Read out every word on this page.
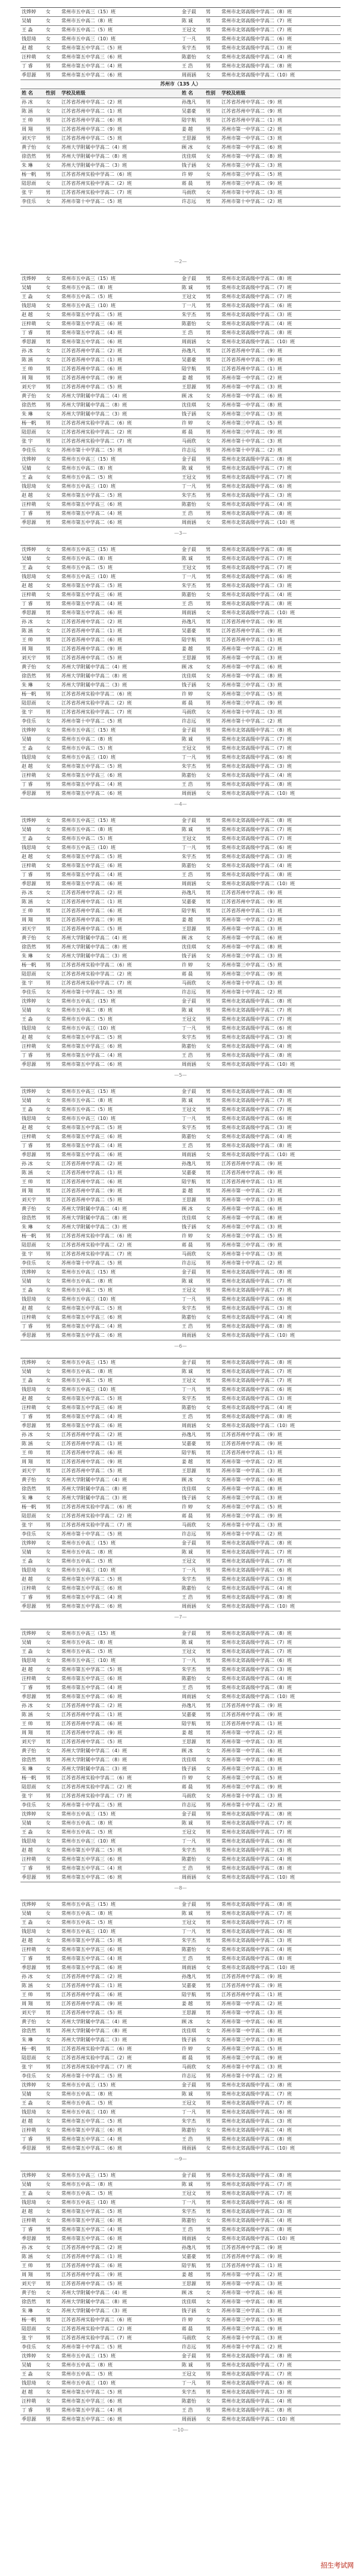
沈烨婷 女 常州市五中高三（15）班	金子晨 男 常州市北郊高级中学高二（8）班
吴婧	女 常州市五中高二（8）班	陈 诚	男 常州市北郊高级中学高二（7）班
王 淼	女 常州市五中高二（5）班	王冠文 男 常州市北郊高级中学高二（7）班
钱思琦 女 常州市五中高三（10）班	丁一凡 男 常州市北郊高级中学高二（6）班
赵 越	女 常州市第五中学高二（5）班	朱宇杰 男 常州市北郊高级中学高二（3）班
汪梓萌 女 常州市第五中学高三（6）班	陈嘉怡 女 常州市北郊高级中学高二（4）班
丁 睿	男 常州市第五中学高二（4）班	王 浩	男 常州市北郊高级中学高二（8）班
季思源 男 常州市第五中学高二（6）班	周雨涵 女 常州市北郊高级中学高二（10）班
苏州市（135 人）
姓 名	性别 学校及班级	姓 名	性别 学校及班级
孙 冰	女 江苏省苏州中学高二（2）班	孙逸凡 男 江苏省苏州中学高二（9）班
陈 涵	女 江苏省苏州中学高二（1）班	吴嘉豪 男 江苏省苏州中学高二（9）班
王 帅	男 江苏省苏州中学高二（6）班	陆宇航 男 江苏省苏州中学高二（1）班
周 翔	男 江苏省苏州中学高二（9）班	姜 越	男 苏州市第一中学高二（2）班
刘天宇 男 江苏省苏州中学高二（5）班	王思源 男 苏州市第一中学高二（3）班
黄子怡 女 苏州大学附属中学高二（4）班	顾 冰	女 苏州市第一中学高二（6）班
徐浩然 男 苏州大学附属中学高二（8）班	沈佳琪 女 苏州市第一中学高二（8）班
朱 琳	女 苏州大学附属中学高二（3）班	钱子涵 女 苏州市第三中学高二（3）班
杨一帆 男 江苏省苏州实验中学高二（6）班	许 婷	女 苏州市第三中学高二（5）班
陆思雨 女 江苏省苏州实验中学高二（2）班	蒋 晨	男 苏州市第三中学高二（9）班
张 宇	男 江苏省苏州实验中学高二（7）班	马雨欣 女 苏州市第十中学高二（3）班
李佳乐 女 苏州市第十中学高二（5）班	许志远 男 苏州市第十中学高二（2）班
沈烨婷 女 常州市五中高三（15）班	金子晨 男 常州市北郊高级中学高二（8）班
吴婧	女 常州市五中高二（8）班	陈 诚	男 常州市北郊高级中学高二（7）班
王 淼	女 常州市五中高二（5）班	王冠文 男 常州市北郊高级中学高二（7）班
钱思琦 女 常州市五中高三（10）班	丁一凡 男 常州市北郊高级中学高二（6）班
赵 越	女 常州市第五中学高二（5）班	朱宇杰 男 常州市北郊高级中学高二（3）班
汪梓萌 女 常州市第五中学高三（6）班	陈嘉怡 女 常州市北郊高级中学高二（4）班
丁 睿	男 常州市第五中学高二（4）班	王 浩	男 常州市北郊高级中学高二（8）班
季思源 男 常州市第五中学高二（6）班	周雨涵 女 常州市北郊高级中学高二（10）班
孙 冰	女 江苏省苏州中学高二（2）班	孙逸凡 男 江苏省苏州中学高二（9）班
陈 涵	女 江苏省苏州中学高二（1）班	吴嘉豪 男 江苏省苏州中学高二（9）班
王 帅	男 江苏省苏州中学高二（6）班	陆宇航 男 江苏省苏州中学高二（1）班
周 翔	男 江苏省苏州中学高二（9）班	姜 越	男 苏州市第一中学高二（2）班
刘天宇 男 江苏省苏州中学高二（5）班	王思源 男 苏州市第一中学高二（3）班
黄子怡 女 苏州大学附属中学高二（4）班	顾 冰	女 苏州市第一中学高二（6）班
徐浩然 男 苏州大学附属中学高二（8）班	沈佳琪 女 苏州市第一中学高二（8）班
朱 琳	女 苏州大学附属中学高二（3）班	钱子涵 女 苏州市第三中学高二（3）班
杨一帆 男 江苏省苏州实验中学高二（6）班	许 婷	女 苏州市第三中学高二（5）班
陆思雨 女 江苏省苏州实验中学高二（2）班	蒋 晨	男 苏州市第三中学高二（9）班
张 宇	男 江苏省苏州实验中学高二（7）班	马雨欣 女 苏州市第十中学高二（3）班
李佳乐 女 苏州市第十中学高二（5）班	许志远 男 苏州市第十中学高二（2）班
沈烨婷 女 常州市五中高三（15）班	金子晨 男 常州市北郊高级中学高二（8）班
吴婧	女 常州市五中高二（8）班	陈 诚	男 常州市北郊高级中学高二（7）班
王 淼	女 常州市五中高二（5）班	王冠文 男 常州市北郊高级中学高二（7）班
钱思琦 女 常州市五中高三（10）班	丁一凡 男 常州市北郊高级中学高二（6）班
赵 越	女 常州市第五中学高二（5）班	朱宇杰 男 常州市北郊高级中学高二（3）班
汪梓萌 女 常州市第五中学高三（6）班	陈嘉怡 女 常州市北郊高级中学高二（4）班
丁 睿	男 常州市第五中学高二（4）班	王 浩	男 常州市北郊高级中学高二（8）班
季思源 男 常州市第五中学高二（6）班	周雨涵 女 常州市北郊高级中学高二（10）班
—3—
沈烨婷 女 常州市五中高三（15）班	金子晨 男 常州市北郊高级中学高二（8）班
吴婧	女 常州市五中高二（8）班	陈 诚	男 常州市北郊高级中学高二（7）班
王 淼	女 常州市五中高二（5）班	王冠文 男 常州市北郊高级中学高二（7）班
钱思琦 女 常州市五中高三（10）班	丁一凡 男 常州市北郊高级中学高二（6）班
赵 越	女 常州市第五中学高二（5）班	朱宇杰 男 常州市北郊高级中学高二（3）班
汪梓萌 女 常州市第五中学高三（6）班	陈嘉怡 女 常州市北郊高级中学高二（4）班
丁 睿	男 常州市第五中学高二（4）班	王 浩	男 常州市北郊高级中学高二（8）班
季思源 男 常州市第五中学高二（6）班	周雨涵 女 常州市北郊高级中学高二（10）班
孙 冰	女 江苏省苏州中学高二（2）班	孙逸凡 男 江苏省苏州中学高二（9）班
陈 涵	女 江苏省苏州中学高二（1）班	吴嘉豪 男 江苏省苏州中学高二（9）班
王 帅	男 江苏省苏州中学高二（6）班	陆宇航 男 江苏省苏州中学高二（1）班
周 翔	男 江苏省苏州中学高二（9）班	姜 越	男 苏州市第一中学高二（2）班
刘天宇 男 江苏省苏州中学高二（5）班	王思源 男 苏州市第一中学高二（3）班
黄子怡 女 苏州大学附属中学高二（4）班	顾 冰	女 苏州市第一中学高二（6）班
徐浩然 男 苏州大学附属中学高二（8）班	沈佳琪 女 苏州市第一中学高二（8）班
朱 琳	女 苏州大学附属中学高二（3）班	钱子涵 女 苏州市第三中学高二（3）班
杨一帆 男 江苏省苏州实验中学高二（6）班	许 婷	女 苏州市第三中学高二（5）班
陆思雨 女 江苏省苏州实验中学高二（2）班	蒋 晨	男 苏州市第三中学高二（9）班
张 宇	男 江苏省苏州实验中学高二（7）班	马雨欣 女 苏州市第十中学高二（3）班
李佳乐 女 苏州市第十中学高二（5）班	许志远 男 苏州市第十中学高二（2）班
沈烨婷 女 常州市五中高三（15）班	金子晨 男 常州市北郊高级中学高二（8）班
吴婧	女 常州市五中高二（8）班	陈 诚	男 常州市北郊高级中学高二（7）班
王 淼	女 常州市五中高二（5）班	王冠文 男 常州市北郊高级中学高二（7）班
钱思琦 女 常州市五中高三（10）班	丁一凡 男 常州市北郊高级中学高二（6）班
赵 越	女 常州市第五中学高二（5）班	朱宇杰 男 常州市北郊高级中学高二（3）班
汪梓萌 女 常州市第五中学高三（6）班	陈嘉怡 女 常州市北郊高级中学高二（4）班
丁 睿	男 常州市第五中学高二（4）班	王 浩	男 常州市北郊高级中学高二（8）班
季思源 男 常州市第五中学高二（6）班	周雨涵 女 常州市北郊高级中学高二（10）班
—4—
沈烨婷 女 常州市五中高三（15）班	金子晨 男 常州市北郊高级中学高二（8）班
吴婧	女 常州市五中高二（8）班	陈 诚	男 常州市北郊高级中学高二（7）班
王 淼	女 常州市五中高二（5）班	王冠文 男 常州市北郊高级中学高二（7）班
钱思琦 女 常州市五中高三（10）班	丁一凡 男 常州市北郊高级中学高二（6）班
赵 越	女 常州市第五中学高二（5）班	朱宇杰 男 常州市北郊高级中学高二（3）班
汪梓萌 女 常州市第五中学高三（6）班	陈嘉怡 女 常州市北郊高级中学高二（4）班
丁 睿	男 常州市第五中学高二（4）班	王 浩	男 常州市北郊高级中学高二（8）班
季思源 男 常州市第五中学高二（6）班	周雨涵 女 常州市北郊高级中学高二（10）班
孙 冰	女 江苏省苏州中学高二（2）班	孙逸凡 男 江苏省苏州中学高二（9）班
陈 涵	女 江苏省苏州中学高二（1）班	吴嘉豪 男 江苏省苏州中学高二（9）班
王 帅	男 江苏省苏州中学高二（6）班	陆宇航 男 江苏省苏州中学高二（1）班
周 翔	男 江苏省苏州中学高二（9）班	姜 越	男 苏州市第一中学高二（2）班
刘天宇 男 江苏省苏州中学高二（5）班	王思源 男 苏州市第一中学高二（3）班
黄子怡 女 苏州大学附属中学高二（4）班	顾 冰	女 苏州市第一中学高二（6）班
徐浩然 男 苏州大学附属中学高二（8）班	沈佳琪 女 苏州市第一中学高二（8）班
朱 琳	女 苏州大学附属中学高二（3）班	钱子涵 女 苏州市第三中学高二（3）班
杨一帆 男 江苏省苏州实验中学高二（6）班	许 婷	女 苏州市第三中学高二（5）班
陆思雨 女 江苏省苏州实验中学高二（2）班	蒋 晨	男 苏州市第三中学高二（9）班
张 宇	男 江苏省苏州实验中学高二（7）班	马雨欣 女 苏州市第十中学高二（3）班
李佳乐 女 苏州市第十中学高二（5）班	许志远 男 苏州市第十中学高二（2）班
沈烨婷 女 常州市五中高三（15）班	金子晨 男 常州市北郊高级中学高二（8）班
吴婧	女 常州市五中高二（8）班	陈 诚	男 常州市北郊高级中学高二（7）班
王 淼	女 常州市五中高二（5）班	王冠文 男 常州市北郊高级中学高二（7）班
钱思琦 女 常州市五中高三（10）班	丁一凡 男 常州市北郊高级中学高二（6）班
赵 越	女 常州市第五中学高二（5）班	朱宇杰 男 常州市北郊高级中学高二（3）班
汪梓萌 女 常州市第五中学高三（6）班	陈嘉怡 女 常州市北郊高级中学高二（4）班
丁 睿	男 常州市第五中学高二（4）班	王 浩	男 常州市北郊高级中学高二（8）班
季思源 男 常州市第五中学高二（6）班	周雨涵 女 常州市北郊高级中学高二（10）班
—5—
沈烨婷 女 常州市五中高三（15）班	金子晨 男 常州市北郊高级中学高二（8）班
吴婧	女 常州市五中高二（8）班	陈 诚	男 常州市北郊高级中学高二（7）班
王 淼	女 常州市五中高二（5）班	王冠文 男 常州市北郊高级中学高二（7）班
钱思琦 女 常州市五中高三（10）班	丁一凡 男 常州市北郊高级中学高二（6）班
赵 越	女 常州市第五中学高二（5）班	朱宇杰 男 常州市北郊高级中学高二（3）班
汪梓萌 女 常州市第五中学高三（6）班	陈嘉怡 女 常州市北郊高级中学高二（4）班
丁 睿	男 常州市第五中学高二（4）班	王 浩	男 常州市北郊高级中学高二（8）班
季思源 男 常州市第五中学高二（6）班	周雨涵 女 常州市北郊高级中学高二（10）班
孙 冰	女 江苏省苏州中学高二（2）班	孙逸凡 男 江苏省苏州中学高二（9）班
陈 涵	女 江苏省苏州中学高二（1）班	吴嘉豪 男 江苏省苏州中学高二（9）班
王 帅	男 江苏省苏州中学高二（6）班	陆宇航 男 江苏省苏州中学高二（1）班
周 翔	男 江苏省苏州中学高二（9）班	姜 越	男 苏州市第一中学高二（2）班
刘天宇 男 江苏省苏州中学高二（5）班	王思源 男 苏州市第一中学高二（3）班
黄子怡 女 苏州大学附属中学高二（4）班	顾 冰	女 苏州市第一中学高二（6）班
徐浩然 男 苏州大学附属中学高二（8）班	沈佳琪 女 苏州市第一中学高二（8）班
朱 琳	女 苏州大学附属中学高二（3）班	钱子涵 女 苏州市第三中学高二（3）班
杨一帆 男 江苏省苏州实验中学高二（6）班	许 婷	女 苏州市第三中学高二（5）班
陆思雨 女 江苏省苏州实验中学高二（2）班	蒋 晨	男 苏州市第三中学高二（9）班
张 宇	男 江苏省苏州实验中学高二（7）班	马雨欣 女 苏州市第十中学高二（3）班
李佳乐 女 苏州市第十中学高二（5）班	许志远 男 苏州市第十中学高二（2）班
沈烨婷 女 常州市五中高三（15）班	金子晨 男 常州市北郊高级中学高二（8）班
吴婧	女 常州市五中高二（8）班	陈 诚	男 常州市北郊高级中学高二（7）班
王 淼	女 常州市五中高二（5）班	王冠文 男 常州市北郊高级中学高二（7）班
钱思琦 女 常州市五中高三（10）班	丁一凡 男 常州市北郊高级中学高二（6）班
赵 越	女 常州市第五中学高二（5）班	朱宇杰 男 常州市北郊高级中学高二（3）班
汪梓萌 女 常州市第五中学高三（6）班	陈嘉怡 女 常州市北郊高级中学高二（4）班
丁 睿	男 常州市第五中学高二（4）班	王 浩	男 常州市北郊高级中学高二（8）班
季思源 男 常州市第五中学高二（6）班	周雨涵 女 常州市北郊高级中学高二（10）班
—6—
沈烨婷 女 常州市五中高三（15）班	金子晨 男 常州市北郊高级中学高二（8）班
吴婧	女 常州市五中高二（8）班	陈 诚	男 常州市北郊高级中学高二（7）班
王 淼	女 常州市五中高二（5）班	王冠文 男 常州市北郊高级中学高二（7）班
钱思琦 女 常州市五中高三（10）班	丁一凡 男 常州市北郊高级中学高二（6）班
赵 越	女 常州市第五中学高二（5）班	朱宇杰 男 常州市北郊高级中学高二（3）班
汪梓萌 女 常州市第五中学高三（6）班	陈嘉怡 女 常州市北郊高级中学高二（4）班
丁 睿	男 常州市第五中学高二（4）班	王 浩	男 常州市北郊高级中学高二（8）班
季思源 男 常州市第五中学高二（6）班	周雨涵 女 常州市北郊高级中学高二（10）班
孙 冰	女 江苏省苏州中学高二（2）班	孙逸凡 男 江苏省苏州中学高二（9）班
陈 涵	女 江苏省苏州中学高二（1）班	吴嘉豪 男 江苏省苏州中学高二（9）班
王 帅	男 江苏省苏州中学高二（6）班	陆宇航 男 江苏省苏州中学高二（1）班
周 翔	男 江苏省苏州中学高二（9）班	姜 越	男 苏州市第一中学高二（2）班
刘天宇 男 江苏省苏州中学高二（5）班	王思源 男 苏州市第一中学高二（3）班
黄子怡 女 苏州大学附属中学高二（4）班	顾 冰	女 苏州市第一中学高二（6）班
徐浩然 男 苏州大学附属中学高二（8）班	沈佳琪 女 苏州市第一中学高二（8）班
朱 琳	女 苏州大学附属中学高二（3）班	钱子涵 女 苏州市第三中学高二（3）班
杨一帆 男 江苏省苏州实验中学高二（6）班	许 婷	女 苏州市第三中学高二（5）班
陆思雨 女 江苏省苏州实验中学高二（2）班	蒋 晨	男 苏州市第三中学高二（9）班
张 宇	男 江苏省苏州实验中学高二（7）班	马雨欣 女 苏州市第十中学高二（3）班
李佳乐 女 苏州市第十中学高二（5）班	许志远 男 苏州市第十中学高二（2）班
沈烨婷 女 常州市五中高三（15）班	金子晨 男 常州市北郊高级中学高二（8）班
吴婧	女 常州市五中高二（8）班	陈 诚	男 常州市北郊高级中学高二（7）班
王 淼	女 常州市五中高二（5）班	王冠文 男 常州市北郊高级中学高二（7）班
钱思琦 女 常州市五中高三（10）班	丁一凡 男 常州市北郊高级中学高二（6）班
赵 越	女 常州市第五中学高二（5）班	朱宇杰 男 常州市北郊高级中学高二（3）班
汪梓萌 女 常州市第五中学高三（6）班	陈嘉怡 女 常州市北郊高级中学高二（4）班
丁 睿	男 常州市第五中学高二（4）班	王 浩	男 常州市北郊高级中学高二（8）班
季思源 男 常州市第五中学高二（6）班	周雨涵 女 常州市北郊高级中学高二（10）班
—7—
沈烨婷 女 常州市五中高三（15）班	金子晨 男 常州市北郊高级中学高二（8）班
吴婧	女 常州市五中高二（8）班	陈 诚	男 常州市北郊高级中学高二（7）班
王 淼	女 常州市五中高二（5）班	王冠文 男 常州市北郊高级中学高二（7）班
钱思琦 女 常州市五中高三（10）班	丁一凡 男 常州市北郊高级中学高二（6）班
赵 越	女 常州市第五中学高二（5）班	朱宇杰 男 常州市北郊高级中学高二（3）班
汪梓萌 女 常州市第五中学高三（6）班	陈嘉怡 女 常州市北郊高级中学高二（4）班
丁 睿	男 常州市第五中学高二（4）班	王 浩	男 常州市北郊高级中学高二（8）班
季思源 男 常州市第五中学高二（6）班	周雨涵 女 常州市北郊高级中学高二（10）班
孙 冰	女 江苏省苏州中学高二（2）班	孙逸凡 男 江苏省苏州中学高二（9）班
陈 涵	女 江苏省苏州中学高二（1）班	吴嘉豪 男 江苏省苏州中学高二（9）班
王 帅	男 江苏省苏州中学高二（6）班	陆宇航 男 江苏省苏州中学高二（1）班
周 翔	男 江苏省苏州中学高二（9）班	姜 越	男 苏州市第一中学高二（2）班
刘天宇 男 江苏省苏州中学高二（5）班	王思源 男 苏州市第一中学高二（3）班
黄子怡 女 苏州大学附属中学高二（4）班	顾 冰	女 苏州市第一中学高二（6）班
徐浩然 男 苏州大学附属中学高二（8）班	沈佳琪 女 苏州市第一中学高二（8）班
朱 琳	女 苏州大学附属中学高二（3）班	钱子涵 女 苏州市第三中学高二（3）班
杨一帆 男 江苏省苏州实验中学高二（6）班	许 婷	女 苏州市第三中学高二（5）班
陆思雨 女 江苏省苏州实验中学高二（2）班	蒋 晨	男 苏州市第三中学高二（9）班
张 宇	男 江苏省苏州实验中学高二（7）班	马雨欣 女 苏州市第十中学高二（3）班
李佳乐 女 苏州市第十中学高二（5）班	许志远 男 苏州市第十中学高二（2）班
沈烨婷 女 常州市五中高三（15）班	金子晨 男 常州市北郊高级中学高二（8）班
吴婧	女 常州市五中高二（8）班	陈 诚	男 常州市北郊高级中学高二（7）班
王 淼	女 常州市五中高二（5）班	王冠文 男 常州市北郊高级中学高二（7）班
钱思琦 女 常州市五中高三（10）班	丁一凡 男 常州市北郊高级中学高二（6）班
赵 越	女 常州市第五中学高二（5）班	朱宇杰 男 常州市北郊高级中学高二（3）班
汪梓萌 女 常州市第五中学高三（6）班	陈嘉怡 女 常州市北郊高级中学高二（4）班
丁 睿	男 常州市第五中学高二（4）班	王 浩	男 常州市北郊高级中学高二（8）班
季思源 男 常州市第五中学高二（6）班	周雨涵 女 常州市北郊高级中学高二（10）班
—8—
沈烨婷 女 常州市五中高三（15）班	金子晨 男 常州市北郊高级中学高二（8）班
吴婧	女 常州市五中高二（8）班	陈 诚	男 常州市北郊高级中学高二（7）班
王 淼	女 常州市五中高二（5）班	王冠文 男 常州市北郊高级中学高二（7）班
钱思琦 女 常州市五中高三（10）班	丁一凡 男 常州市北郊高级中学高二（6）班
赵 越	女 常州市第五中学高二（5）班	朱宇杰 男 常州市北郊高级中学高二（3）班
汪梓萌 女 常州市第五中学高三（6）班	陈嘉怡 女 常州市北郊高级中学高二（4）班
丁 睿	男 常州市第五中学高二（4）班	王 浩	男 常州市北郊高级中学高二（8）班
季思源 男 常州市第五中学高二（6）班	周雨涵 女 常州市北郊高级中学高二（10）班
孙 冰	女 江苏省苏州中学高二（2）班	孙逸凡 男 江苏省苏州中学高二（9）班
陈 涵	女 江苏省苏州中学高二（1）班	吴嘉豪 男 江苏省苏州中学高二（9）班
王 帅	男 江苏省苏州中学高二（6）班	陆宇航 男 江苏省苏州中学高二（1）班
周 翔	男 江苏省苏州中学高二（9）班	姜 越	男 苏州市第一中学高二（2）班
刘天宇 男 江苏省苏州中学高二（5）班	王思源 男 苏州市第一中学高二（3）班
黄子怡 女 苏州大学附属中学高二（4）班	顾 冰	女 苏州市第一中学高二（6）班
徐浩然 男 苏州大学附属中学高二（8）班	沈佳琪 女 苏州市第一中学高二（8）班
朱 琳	女 苏州大学附属中学高二（3）班	钱子涵 女 苏州市第三中学高二（3）班
杨一帆 男 江苏省苏州实验中学高二（6）班	许 婷	女 苏州市第三中学高二（5）班
陆思雨 女 江苏省苏州实验中学高二（2）班	蒋 晨	男 苏州市第三中学高二（9）班
张 宇	男 江苏省苏州实验中学高二（7）班	马雨欣 女 苏州市第十中学高二（3）班
李佳乐 女 苏州市第十中学高二（5）班	许志远 男 苏州市第十中学高二（2）班
沈烨婷 女 常州市五中高三（15）班	金子晨 男 常州市北郊高级中学高二（8）班
吴婧	女 常州市五中高二（8）班	陈 诚	男 常州市北郊高级中学高二（7）班
王 淼	女 常州市五中高二（5）班	王冠文 男 常州市北郊高级中学高二（7）班
钱思琦 女 常州市五中高三（10）班	丁一凡 男 常州市北郊高级中学高二（6）班
赵 越	女 常州市第五中学高二（5）班	朱宇杰 男 常州市北郊高级中学高二（3）班
汪梓萌 女 常州市第五中学高三（6）班	陈嘉怡 女 常州市北郊高级中学高二（4）班
丁 睿	男 常州市第五中学高二（4）班	王 浩	男 常州市北郊高级中学高二（8）班
季思源 男 常州市第五中学高二（6）班	周雨涵 女 常州市北郊高级中学高二（10）班
—9—
沈烨婷 女 常州市五中高三（15）班	金子晨 男 常州市北郊高级中学高二（8）班
吴婧	女 常州市五中高二（8）班	陈 诚	男 常州市北郊高级中学高二（7）班
王 淼	女 常州市五中高二（5）班	王冠文 男 常州市北郊高级中学高二（7）班
钱思琦 女 常州市五中高三（10）班	丁一凡 男 常州市北郊高级中学高二（6）班
赵 越	女 常州市第五中学高二（5）班	朱宇杰 男 常州市北郊高级中学高二（3）班
汪梓萌 女 常州市第五中学高三（6）班	陈嘉怡 女 常州市北郊高级中学高二（4）班
丁 睿	男 常州市第五中学高二（4）班	王 浩	男 常州市北郊高级中学高二（8）班
季思源 男 常州市第五中学高二（6）班	周雨涵 女 常州市北郊高级中学高二（10）班
孙 冰	女 江苏省苏州中学高二（2）班	孙逸凡 男 江苏省苏州中学高二（9）班
陈 涵	女 江苏省苏州中学高二（1）班	吴嘉豪 男 江苏省苏州中学高二（9）班
王 帅	男 江苏省苏州中学高二（6）班	陆宇航 男 江苏省苏州中学高二（1）班
周 翔	男 江苏省苏州中学高二（9）班	姜 越	男 苏州市第一中学高二（2）班
刘天宇 男 江苏省苏州中学高二（5）班	王思源 男 苏州市第一中学高二（3）班
黄子怡 女 苏州大学附属中学高二（4）班	顾 冰	女 苏州市第一中学高二（6）班
徐浩然 男 苏州大学附属中学高二（8）班	沈佳琪 女 苏州市第一中学高二（8）班
朱 琳	女 苏州大学附属中学高二（3）班	钱子涵 女 苏州市第三中学高二（3）班
杨一帆 男 江苏省苏州实验中学高二（6）班	许 婷	女 苏州市第三中学高二（5）班
陆思雨 女 江苏省苏州实验中学高二（2）班	蒋 晨	男 苏州市第三中学高二（9）班
张 宇	男 江苏省苏州实验中学高二（7）班	马雨欣 女 苏州市第十中学高二（3）班
李佳乐 女 苏州市第十中学高二（5）班	许志远 男 苏州市第十中学高二（2）班
沈烨婷 女 常州市五中高三（15）班	金子晨 男 常州市北郊高级中学高二（8）班
吴婧	女 常州市五中高二（8）班	陈 诚	男 常州市北郊高级中学高二（7）班
王 淼	女 常州市五中高二（5）班	王冠文 男 常州市北郊高级中学高二（7）班
钱思琦 女 常州市五中高三（10）班	丁一凡 男 常州市北郊高级中学高二（6）班
赵 越	女 常州市第五中学高二（5）班	朱宇杰 男 常州市北郊高级中学高二（3）班
汪梓萌 女 常州市第五中学高三（6）班	陈嘉怡 女 常州市北郊高级中学高二（4）班
丁 睿	男 常州市第五中学高二（4）班	王 浩	男 常州市北郊高级中学高二（8）班
季思源 男 常州市第五中学高二（6）班	周雨涵 女 常州市北郊高级中学高二（10）班
—10—
—2—
招生考试网
